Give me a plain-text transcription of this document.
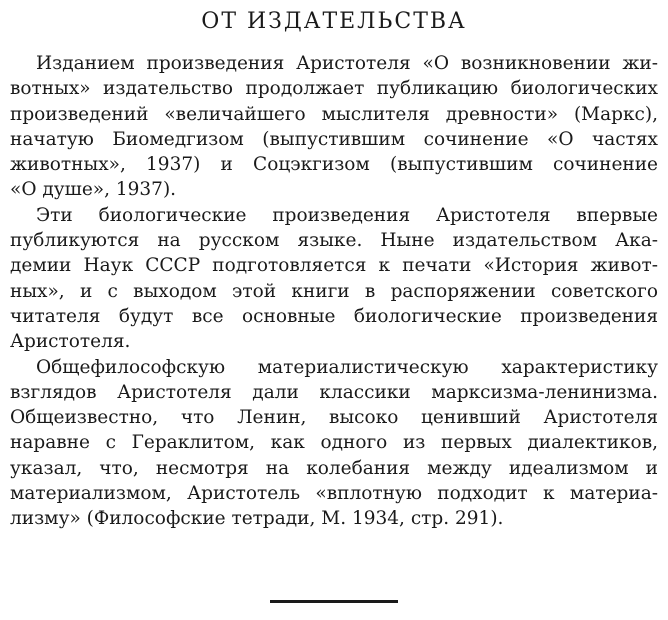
ОТ ИЗДАТЕЛЬСТВА
Изданием произведения Аристотеля «О возникновении жи-
вотных» издательство продолжает публикацию биологических
произведений «величайшего мыслителя древности» (Маркс),
начатую Биомедгизом (выпустившим сочинение «О частях
животных», 1937) и Соцэкгизом (выпустившим сочинение
«О душе», 1937).
Эти биологические произведения Аристотеля впервые
публикуются на русском языке. Ныне издательством Ака-
демии Наук СССР подготовляется к печати «История живот-
ных», и с выходом этой книги в распоряжении советского
читателя будут все основные биологические произведения
Аристотеля.
Общефилософскую материалистическую характеристику
взглядов Аристотеля дали классики марксизма-ленинизма.
Общеизвестно, что Ленин, высоко ценивший Аристотеля
наравне с Гераклитом, как одного из первых диалектиков,
указал, что, несмотря на колебания между идеализмом и
материализмом, Аристотель «вплотную подходит к материа-
лизму» (Философские тетради, М. 1934, стр. 291).
